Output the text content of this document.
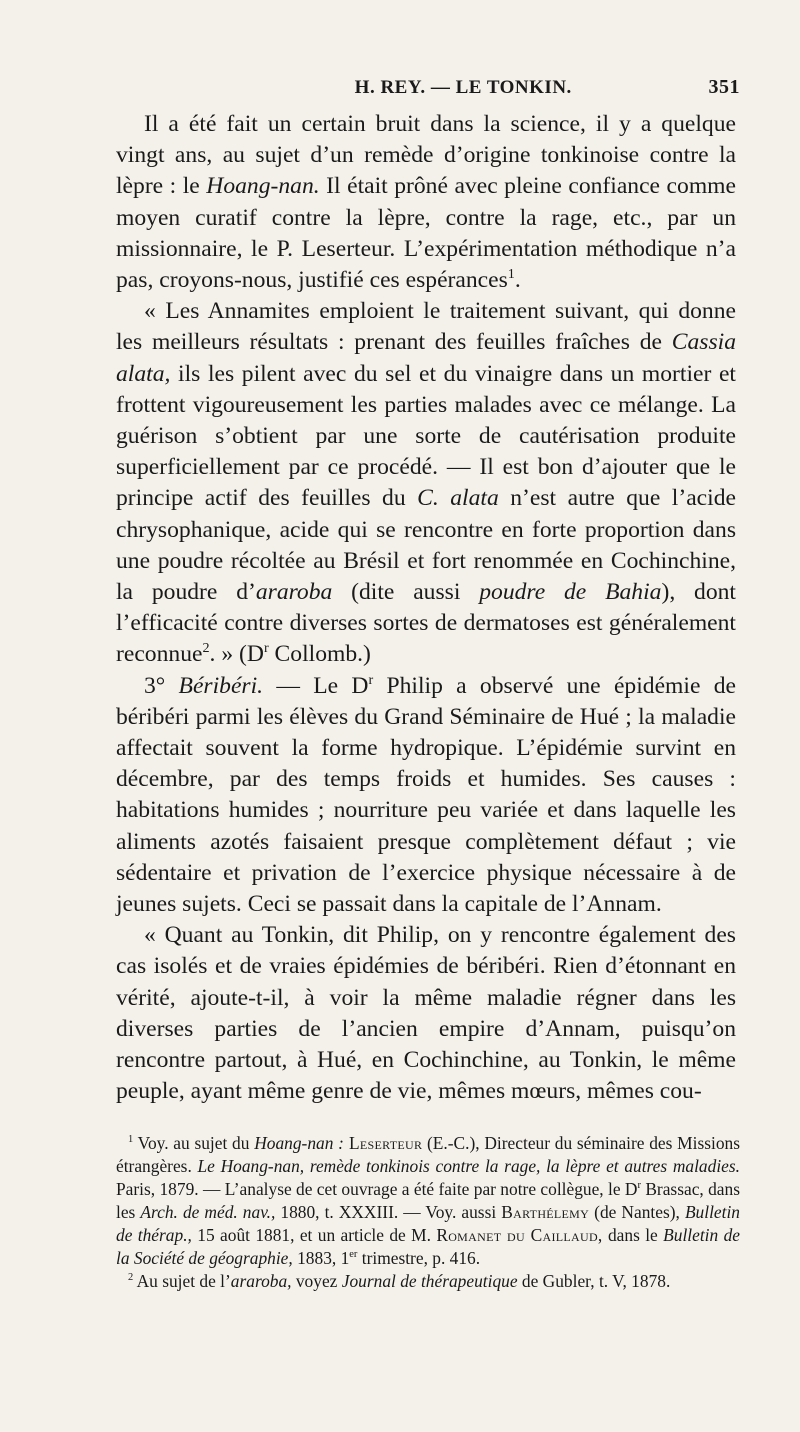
H. REY. — LE TONKIN.	351

Il a été fait un certain bruit dans la science, il y a quelque vingt ans, au sujet d’un remède d’origine tonkinoise contre la lèpre : le Hoang-nan. Il était prôné avec pleine confiance comme moyen curatif contre la lèpre, contre la rage, etc., par un missionnaire, le P. Leserteur. L’expérimentation méthodique n’a pas, croyons-nous, justifié ces espérances$^1$.

« Les Annamites emploient le traitement suivant, qui donne les meilleurs résultats : prenant des feuilles fraîches de Cassia alata, ils les pilent avec du sel et du vinaigre dans un mortier et frottent vigoureusement les parties malades avec ce mélange. La guérison s’obtient par une sorte de cautérisation produite superficiellement par ce procédé. — Il est bon d’ajouter que le principe actif des feuilles du C. alata n’est autre que l’acide chrysophanique, acide qui se rencontre en forte proportion dans une poudre récoltée au Brésil et fort renommée en Cochinchine, la poudre d’araroba (dite aussi poudre de Bahia), dont l’efficacité contre diverses sortes de dermatoses est généralement reconnue$^2$. » ($D^r$ Collomb.)

3° Béribéri. — Le $D^r$ Philip a observé une épidémie de béribéri parmi les élèves du Grand Séminaire de Hué ; la maladie affectait souvent la forme hydropique. L’épidémie survint en décembre, par des temps froids et humides. Ses causes : habitations humides ; nourriture peu variée et dans laquelle les aliments azotés faisaient presque complètement défaut ; vie sédentaire et privation de l’exercice physique nécessaire à de jeunes sujets. Ceci se passait dans la capitale de l’Annam.

« Quant au Tonkin, dit Philip, on y rencontre également des cas isolés et de vraies épidémies de béribéri. Rien d’étonnant en vérité, ajoute-t-il, à voir la même maladie régner dans les diverses parties de l’ancien empire d’Annam, puisqu’on rencontre partout, à Hué, en Cochinchine, au Tonkin, le même peuple, ayant même genre de vie, mêmes mœurs, mêmes cou-

$^1$ Voy. au sujet du Hoang-nan : Leserteur (E.-C.), Directeur du séminaire des Missions étrangères. Le Hoang-nan, remède tonkinois contre la rage, la lèpre et autres maladies. Paris, 1879. — L’analyse de cet ouvrage a été faite par notre collègue, le $D^r$ Brassac, dans les Arch. de méd. nav., 1880, t. XXXIII. — Voy. aussi Barthélemy (de Nantes), Bulletin de thérap., 15 août 1881, et un article de M. Romanet du Caillaud, dans le Bulletin de la Société de géographie, 1883, 1er trimestre, p. 416.

$^2$ Au sujet de l’araroba, voyez Journal de thérapeutique de Gubler, t. V, 1878.
